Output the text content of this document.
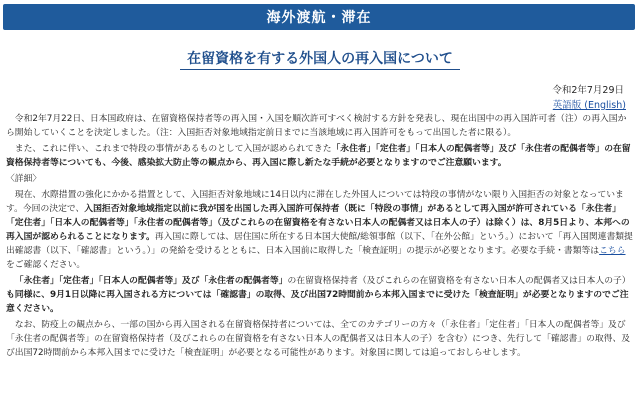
海外渡航・滞在
在留資格を有する外国人の再入国について
令和2年7月29日
英語版 (English)

令和2年7月22日、日本国政府は、在留資格保持者等の再入国・入国を順次許可すべく検討する方針を発表し、現在出国中の再入国許可者（注）の再入国から開始していくことを決定しました。（注：入国拒否対象地域指定前日までに当該地域に再入国許可をもって出国した者に限る）。

また、これに伴い、これまで特段の事情があるものとして入国が認められてきた「永住者」「定住者」「日本人の配偶者等」及び「永住者の配偶者等」の在留資格保持者等についても、今後、感染拡大防止等の観点から、再入国に際し新たな手続が必要となりますのでご注意願います。

〈詳細〉

現在、水際措置の強化にかかる措置として、入国拒否対象地域に14日以内に滞在した外国人については特段の事情がない限り入国拒否の対象となっています。今回の決定で、入国拒否対象地域指定以前に我が国を出国した再入国許可保持者（既に「特段の事情」があるとして再入国が許可されている「永住者」「定住者」「日本人の配偶者等」「永住者の配偶者等」（及びこれらの在留資格を有さない日本人の配偶者又は日本人の子）は除く）は、8月5日より、本邦への再入国が認められることになります。再入国に際しては、居住国に所在する日本国大使館/総領事館（以下、「在外公館」という。）において「再入国関連書類提出確認書（以下、「確認書」という。）」の発給を受けるとともに、日本入国前に取得した「検査証明」の提示が必要となります。必要な手続・書類等はこちらをご確認ください。

「永住者」「定住者」「日本人の配偶者等」及び「永住者の配偶者等」の在留資格保持者（及びこれらの在留資格を有さない日本人の配偶者又は日本人の子）も同様に、9月1日以降に再入国される方については「確認書」の取得、及び出国72時間前から本邦入国までに受けた「検査証明」が必要となりますのでご注意ください。

なお、防疫上の観点から、一部の国から再入国される在留資格保持者については、全てのカテゴリーの方々（「永住者」「定住者」「日本人の配偶者等」及び「永住者の配偶者等」の在留資格保持者（及びこれらの在留資格を有さない日本人の配偶者又は日本人の子）を含む）につき、先行して「確認書」の取得、及び出国72時間前から本邦入国までに受けた「検査証明」が必要となる可能性があります。対象国に関しては追っておしらせします。
